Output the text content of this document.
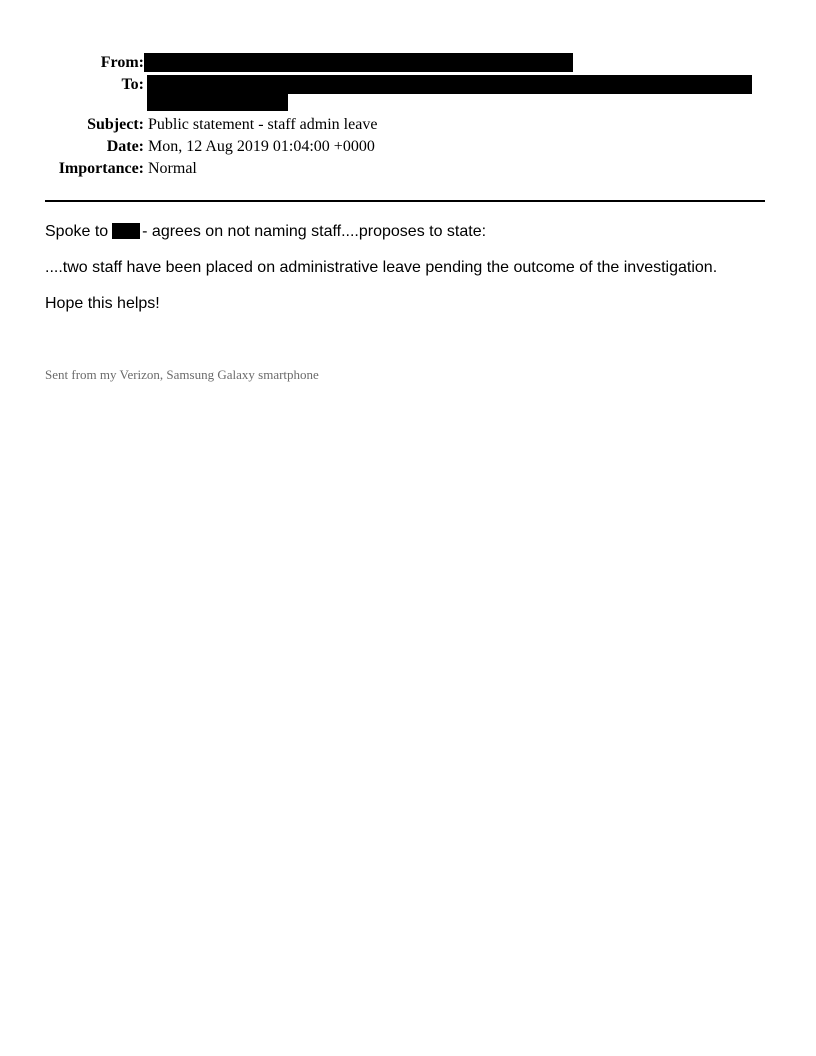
From:
To:
Subject: Public statement - staff admin leave
Date: Mon, 12 Aug 2019 01:04:00 +0000
Importance: Normal
Spoke to - agrees on not naming staff....proposes to state:
....two staff have been placed on administrative leave pending the outcome of the investigation.
Hope this helps!
Sent from my Verizon, Samsung Galaxy smartphone
